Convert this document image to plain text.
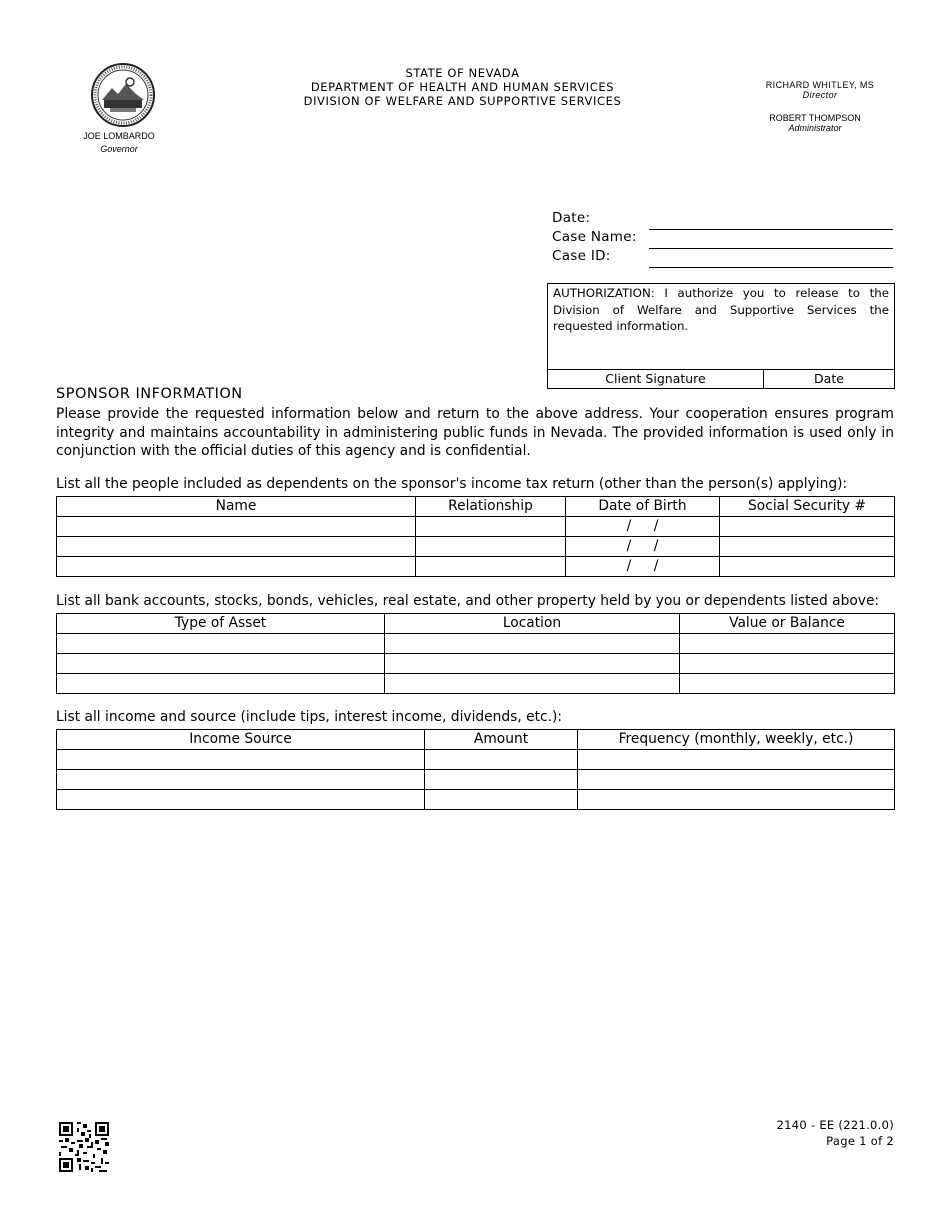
JOE LOMBARDO
Governor
STATE OF NEVADA
DEPARTMENT OF HEALTH AND HUMAN SERVICES
DIVISION OF WELFARE AND SUPPORTIVE SERVICES
RICHARD WHITLEY, MS
Director
ROBERT THOMPSON
Administrator
Date:
Case Name:
Case ID:
AUTHORIZATION: I authorize you to release to the Division of Welfare and Supportive Services the requested information.
Client Signature	Date
SPONSOR INFORMATION
Please provide the requested information below and return to the above address. Your cooperation ensures program integrity and maintains accountability in administering public funds in Nevada. The provided information is used only in conjunction with the official duties of this agency and is confidential.
List all the people included as dependents on the sponsor's income tax return (other than the person(s) applying):
Name	Relationship	Date of Birth	Social Security #
		/ /	
		/ /	
		/ /	
List all bank accounts, stocks, bonds, vehicles, real estate, and other property held by you or dependents listed above:
Type of Asset	Location	Value or Balance

List all income and source (include tips, interest income, dividends, etc.):
Income Source	Amount	Frequency (monthly, weekly, etc.)

2140 - EE (221.0.0)
Page 1 of 2
